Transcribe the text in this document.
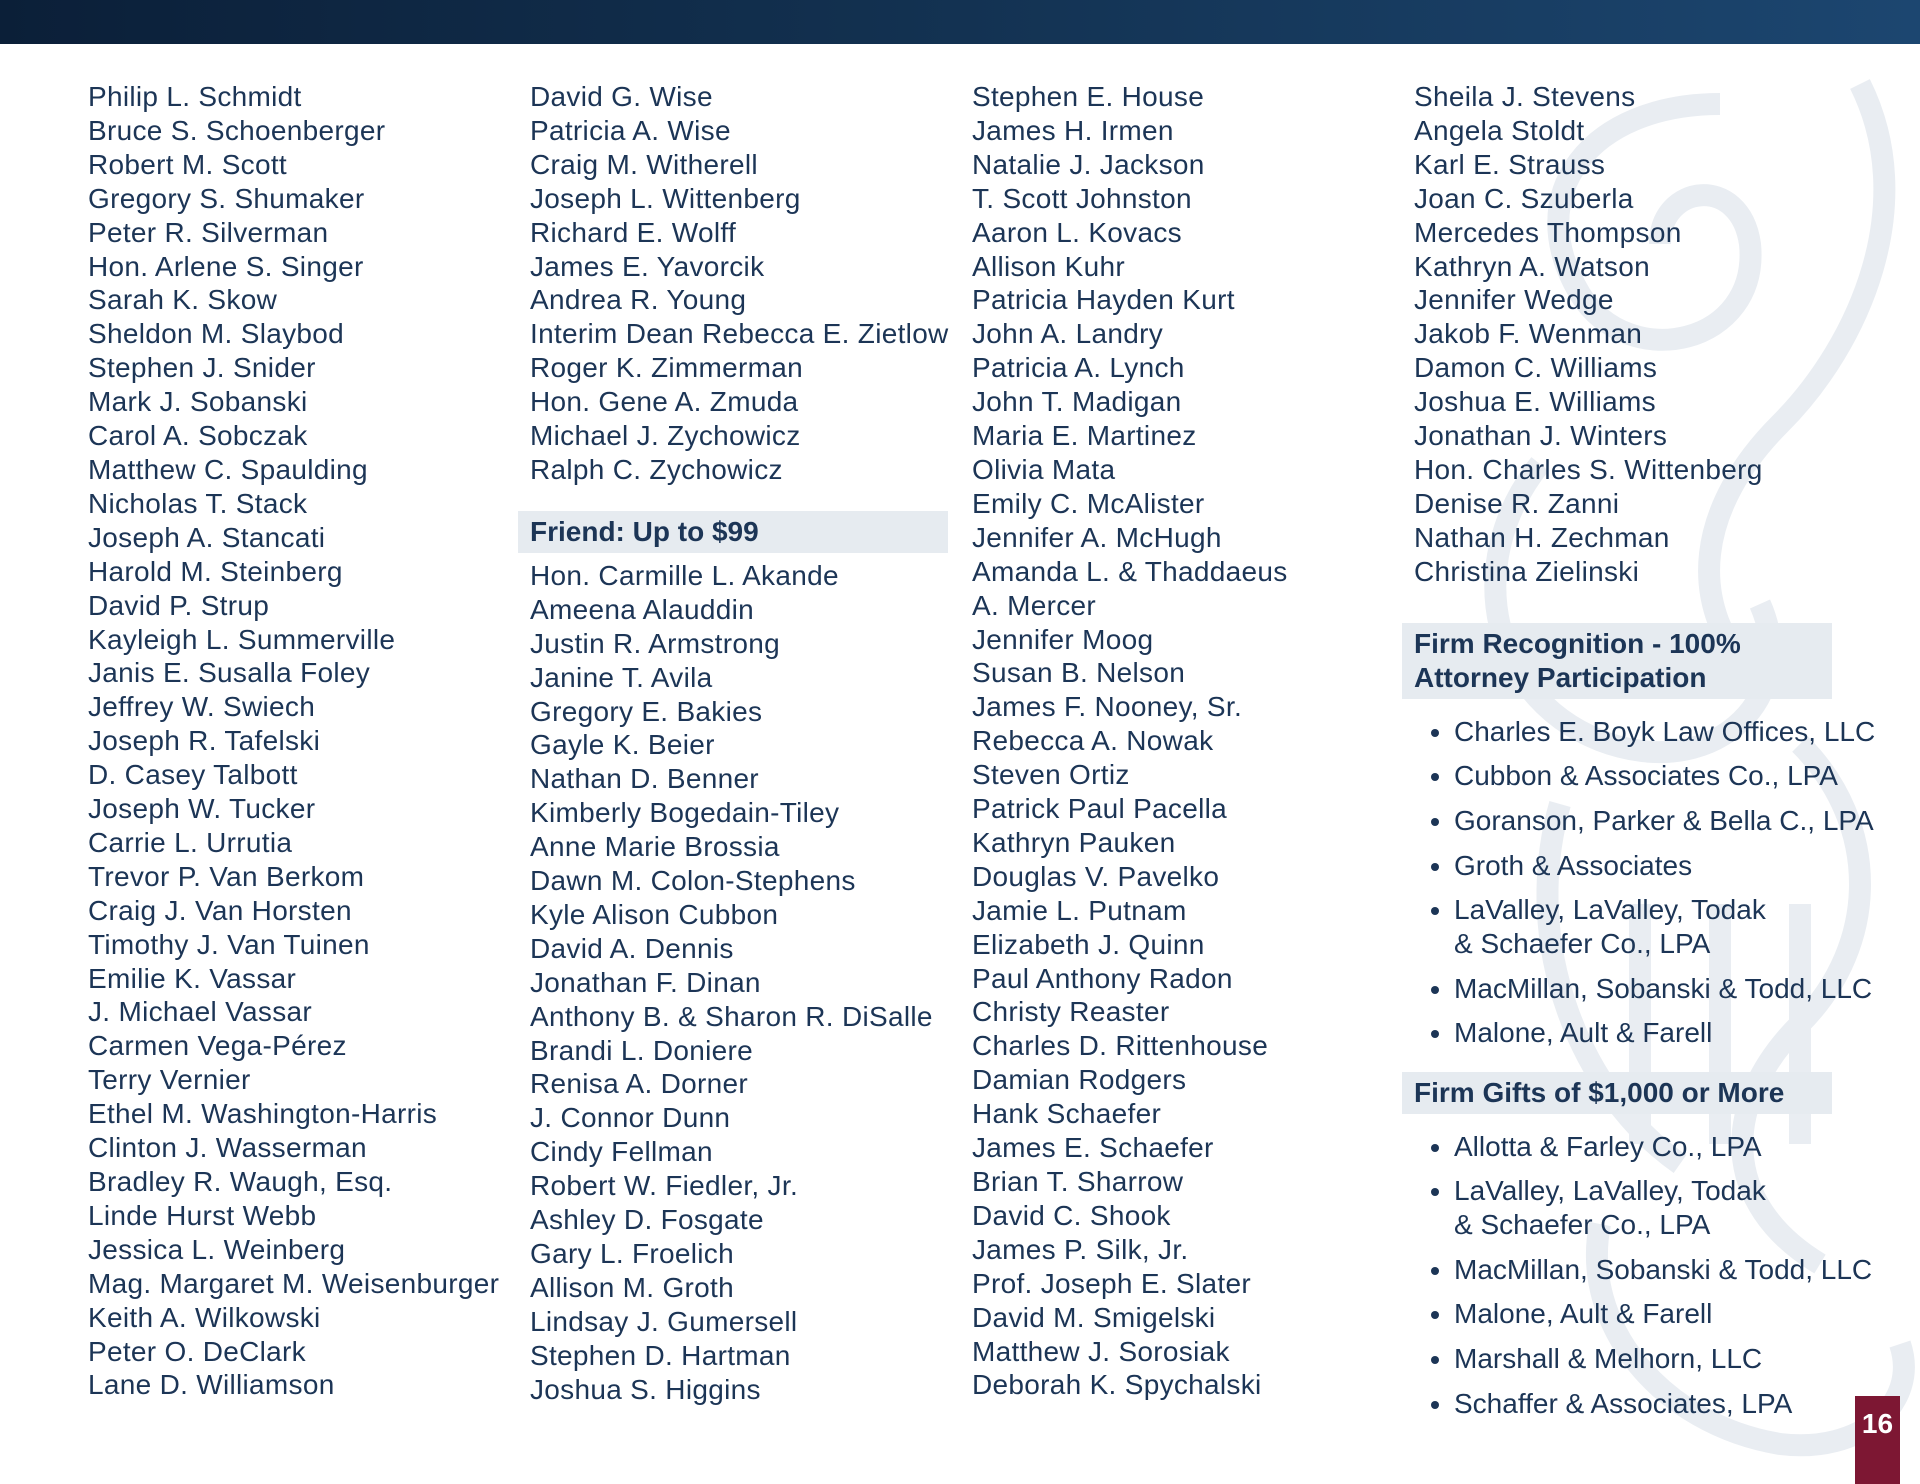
Philip L. Schmidt
Bruce S. Schoenberger
Robert M. Scott
Gregory S. Shumaker
Peter R. Silverman
Hon. Arlene S. Singer
Sarah K. Skow
Sheldon M. Slaybod
Stephen J. Snider
Mark J. Sobanski
Carol A. Sobczak
Matthew C. Spaulding
Nicholas T. Stack
Joseph A. Stancati
Harold M. Steinberg
David P. Strup
Kayleigh L. Summerville
Janis E. Susalla Foley
Jeffrey W. Swiech
Joseph R. Tafelski
D. Casey Talbott
Joseph W. Tucker
Carrie L. Urrutia
Trevor P. Van Berkom
Craig J. Van Horsten
Timothy J. Van Tuinen
Emilie K. Vassar
J. Michael Vassar
Carmen Vega-Pérez
Terry Vernier
Ethel M. Washington-Harris
Clinton J. Wasserman
Bradley R. Waugh, Esq.
Linde Hurst Webb
Jessica L. Weinberg
Mag. Margaret M. Weisenburger
Keith A. Wilkowski
Peter O. DeClark
Lane D. Williamson
David G. Wise
Patricia A. Wise
Craig M. Witherell
Joseph L. Wittenberg
Richard E. Wolff
James E. Yavorcik
Andrea R. Young
Interim Dean Rebecca E. Zietlow
Roger K. Zimmerman
Hon. Gene A. Zmuda
Michael J. Zychowicz
Ralph C. Zychowicz
Friend: Up to $99
Hon. Carmille L. Akande
Ameena Alauddin
Justin R. Armstrong
Janine T. Avila
Gregory E. Bakies
Gayle K. Beier
Nathan D. Benner
Kimberly Bogedain-Tiley
Anne Marie Brossia
Dawn M. Colon-Stephens
Kyle Alison Cubbon
David A. Dennis
Jonathan F. Dinan
Anthony B. & Sharon R. DiSalle
Brandi L. Doniere
Renisa A. Dorner
J. Connor Dunn
Cindy Fellman
Robert W. Fiedler, Jr.
Ashley D. Fosgate
Gary L. Froelich
Allison M. Groth
Lindsay J. Gumersell
Stephen D. Hartman
Joshua S. Higgins
Stephen E. House
James H. Irmen
Natalie J. Jackson
T. Scott Johnston
Aaron L. Kovacs
Allison Kuhr
Patricia Hayden Kurt
John A. Landry
Patricia A. Lynch
John T. Madigan
Maria E. Martinez
Olivia Mata
Emily C. McAlister
Jennifer A. McHugh
Amanda L. & Thaddaeus
A. Mercer
Jennifer Moog
Susan B. Nelson
James F. Nooney, Sr.
Rebecca A. Nowak
Steven Ortiz
Patrick Paul Pacella
Kathryn Pauken
Douglas V. Pavelko
Jamie L. Putnam
Elizabeth J. Quinn
Paul Anthony Radon
Christy Reaster
Charles D. Rittenhouse
Damian Rodgers
Hank Schaefer
James E. Schaefer
Brian T. Sharrow
David C. Shook
James P. Silk, Jr.
Prof. Joseph E. Slater
David M. Smigelski
Matthew J. Sorosiak
Deborah K. Spychalski
Sheila J. Stevens
Angela Stoldt
Karl E. Strauss
Joan C. Szuberla
Mercedes Thompson
Kathryn A. Watson
Jennifer Wedge
Jakob F. Wenman
Damon C. Williams
Joshua E. Williams
Jonathan J. Winters
Hon. Charles S. Wittenberg
Denise R. Zanni
Nathan H. Zechman
Christina Zielinski
Firm Recognition - 100%
Attorney Participation
• Charles E. Boyk Law Offices, LLC
• Cubbon & Associates Co., LPA
• Goranson, Parker & Bella C., LPA
• Groth & Associates
• LaValley, LaValley, Todak
& Schaefer Co., LPA
• MacMillan, Sobanski & Todd, LLC
• Malone, Ault & Farell
Firm Gifts of $1,000 or More
• Allotta & Farley Co., LPA
• LaValley, LaValley, Todak
& Schaefer Co., LPA
• MacMillan, Sobanski & Todd, LLC
• Malone, Ault & Farell
• Marshall & Melhorn, LLC
• Schaffer & Associates, LPA
16
